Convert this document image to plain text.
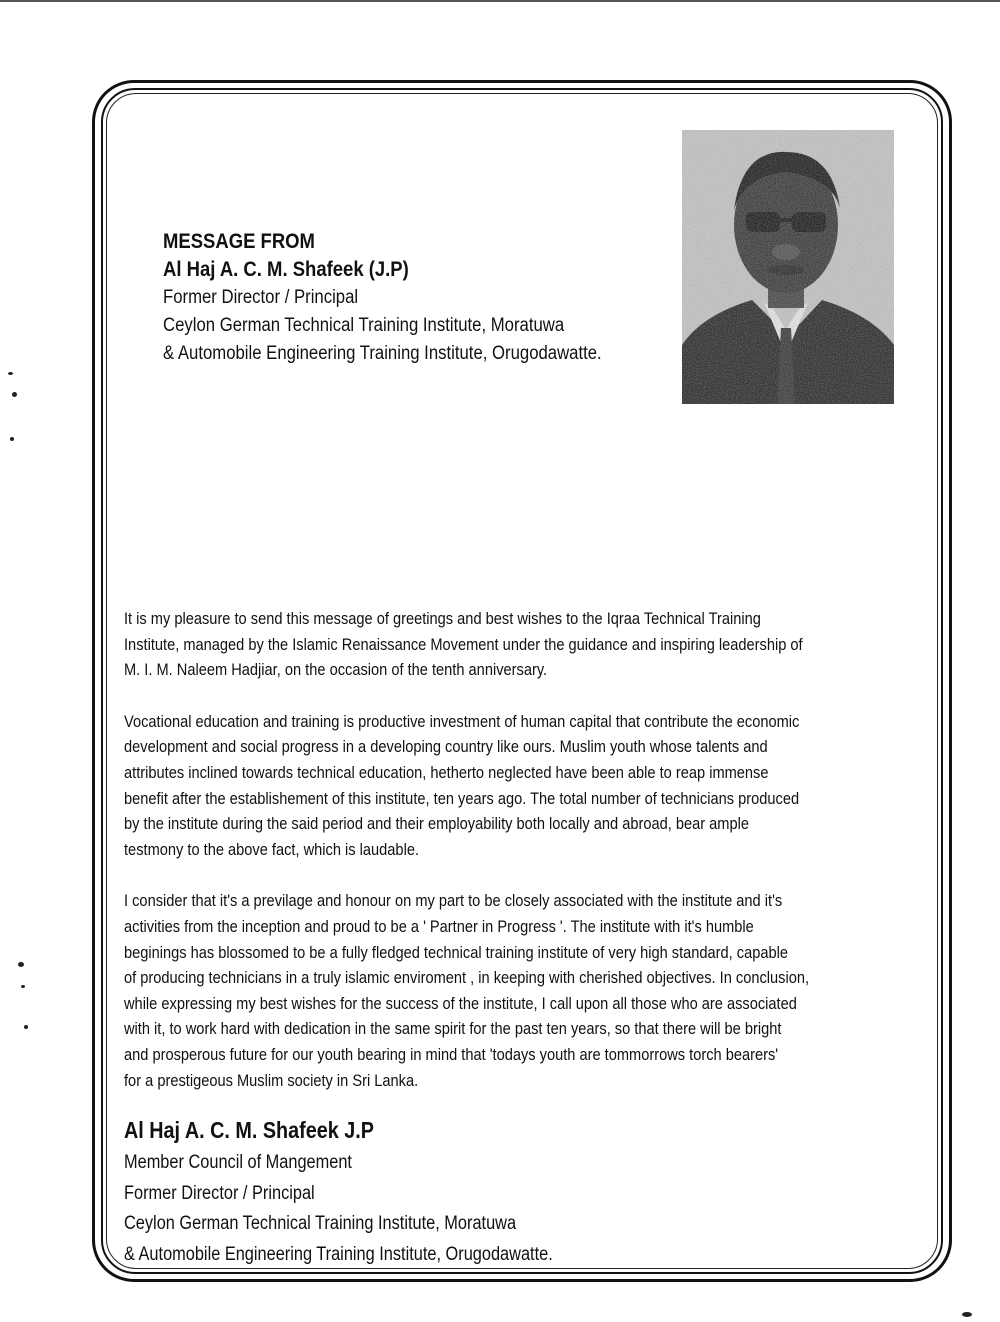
MESSAGE FROM
Al Haj A. C. M. Shafeek (J.P)
Former Director / Principal
Ceylon German Technical Training Institute, Moratuwa
& Automobile Engineering Training Institute, Orugodawatte.
It is my pleasure to send this message of greetings and best wishes to the Iqraa Technical Training
Institute, managed by the Islamic Renaissance Movement under the guidance and inspiring leadership of
M. I. M. Naleem Hadjiar, on the occasion of the tenth anniversary.
Vocational education and training is productive investment of human capital that contribute the economic
development and social progress in a developing country like ours. Muslim youth whose talents and
attributes inclined towards technical education, hetherto neglected have been able to reap immense
benefit after the establishement of this institute, ten years ago. The total number of technicians produced
by the institute during the said period and their employability both locally and abroad, bear ample
testmony to the above fact, which is laudable.
I consider that it's a previlage and honour on my part to be closely associated with the institute and it's
activities from the inception and proud to be a ' Partner in Progress '. The institute with it's humble
beginings has blossomed to be a fully fledged technical training institute of very high standard, capable
of producing technicians in a truly islamic enviroment , in keeping with cherished objectives. In conclusion,
while expressing my best wishes for the success of the institute, I call upon all those who are associated
with it, to work hard with dedication in the same spirit for the past ten years, so that there will be bright
and prosperous future for our youth bearing in mind that 'todays youth are tommorrows torch bearers'
for a prestigeous Muslim society in Sri Lanka.
Al Haj A. C. M. Shafeek J.P
Member Council of Mangement
Former Director / Principal
Ceylon German Technical Training Institute, Moratuwa
& Automobile Engineering Training Institute, Orugodawatte.
